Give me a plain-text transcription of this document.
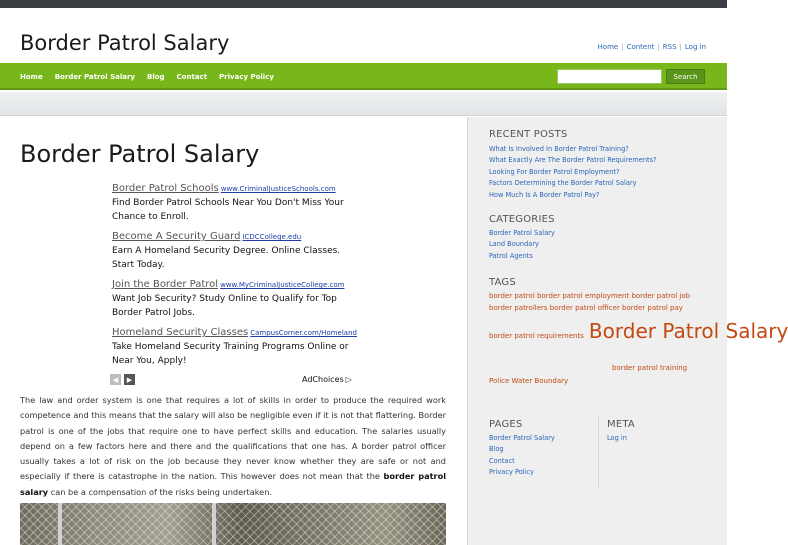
Border Patrol Salary	Home | Content | RSS | Log in
Home	Border Patrol Salary	Blog	Contact	Privacy Policy	Search
Border Patrol Salary
Border Patrol Schools www.CriminalJusticeSchools.com
Find Border Patrol Schools Near You Don't Miss Your Chance to Enroll.
Become A Security Guard ICDCCollege.edu
Earn A Homeland Security Degree. Online Classes. Start Today.
Join the Border Patrol www.MyCriminalJusticeCollege.com
Want Job Security? Study Online to Qualify for Top Border Patrol Jobs.
Homeland Security Classes CampusCorner.com/Homeland
Take Homeland Security Training Programs Online or Near You, Apply!
◀	▶	AdChoices ▷
The law and order system is one that requires a lot of skills in order to produce the required work competence and this means that the salary will also be negligible even if it is not that flattering. Border patrol is one of the jobs that require one to have perfect skills and education. The salaries usually depend on a few factors here and there and the qualifications that one has. A border patrol officer usually takes a lot of risk on the job because they never know whether they are safe or not and especially if there is catastrophe in the nation. This however does not mean that the border patrol salary can be a compensation of the risks being undertaken.
RECENT POSTS
What Is Involved In Border Patrol Training?
What Exactly Are The Border Patrol Requirements?
Looking For Border Patrol Employment?
Factors Determining the Border Patrol Salary
How Much Is A Border Patrol Pay?
CATEGORIES
Border Patrol Salary
Land Boundary
Patrol Agents
TAGS
border patrol border patrol employment border patrol job
border patrollers border patrol officer border patrol pay
border patrol requirements Border Patrol Salary
border patrol training
Police Water Boundary
PAGES
Border Patrol Salary
Blog
Contact
Privacy Policy
META
Log in
